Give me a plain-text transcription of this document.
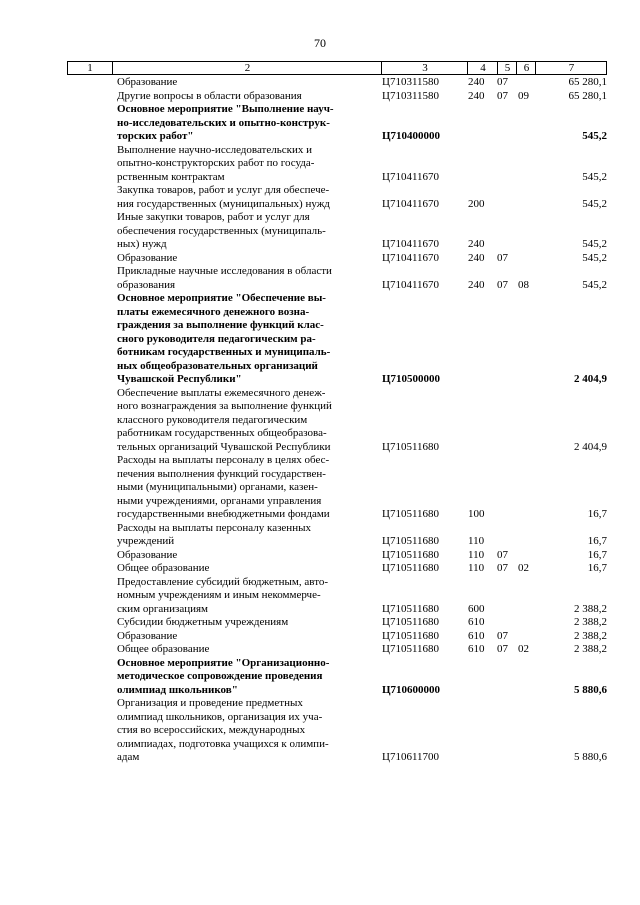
70
1	2	3	4	5	6	7
Образование	Ц710311580	240	07	65 280,1
Другие вопросы в области образования	Ц710311580	240	07 09	65 280,1
Основное мероприятие "Выполнение науч-
но-исследовательских и опытно-конструк-
торских работ"	Ц710400000	545,2
Выполнение научно-исследовательских и
опытно-конструкторских работ по госуда-
рственным контрактам	Ц710411670	545,2
Закупка товаров, работ и услуг для обеспече-
ния государственных (муниципальных) нужд	Ц710411670	200	545,2
Иные закупки товаров, работ и услуг для
обеспечения государственных (муниципаль-
ных) нужд	Ц710411670	240	545,2
Образование	Ц710411670	240	07	545,2
Прикладные научные исследования в области
образования	Ц710411670	240	07 08	545,2
Основное мероприятие "Обеспечение вы-
платы ежемесячного денежного возна-
граждения за выполнение функций клас-
сного руководителя педагогическим ра-
ботникам государственных и муниципаль-
ных общеобразовательных организаций
Чувашской Республики"	Ц710500000	2 404,9
Обеспечение выплаты ежемесячного денеж-
ного вознаграждения за выполнение функций
классного руководителя педагогическим
работникам государственных общеобразова-
тельных организаций Чувашской Республики	Ц710511680	2 404,9
Расходы на выплаты персоналу в целях обес-
печения выполнения функций государствен-
ными (муниципальными) органами, казен-
ными учреждениями, органами управления
государственными внебюджетными фондами	Ц710511680	100	16,7
Расходы на выплаты персоналу казенных
учреждений	Ц710511680	110	16,7
Образование	Ц710511680	110	07	16,7
Общее образование	Ц710511680	110	07 02	16,7
Предоставление субсидий бюджетным, авто-
номным учреждениям и иным некоммерче-
ским организациям	Ц710511680	600	2 388,2
Субсидии бюджетным учреждениям	Ц710511680	610	2 388,2
Образование	Ц710511680	610	07	2 388,2
Общее образование	Ц710511680	610	07 02	2 388,2
Основное мероприятие "Организационно-
методическое сопровождение проведения
олимпиад школьников"	Ц710600000	5 880,6
Организация и проведение предметных
олимпиад школьников, организация их уча-
стия во всероссийских, международных
олимпиадах, подготовка учащихся к олимпи-
адам	Ц710611700	5 880,6
